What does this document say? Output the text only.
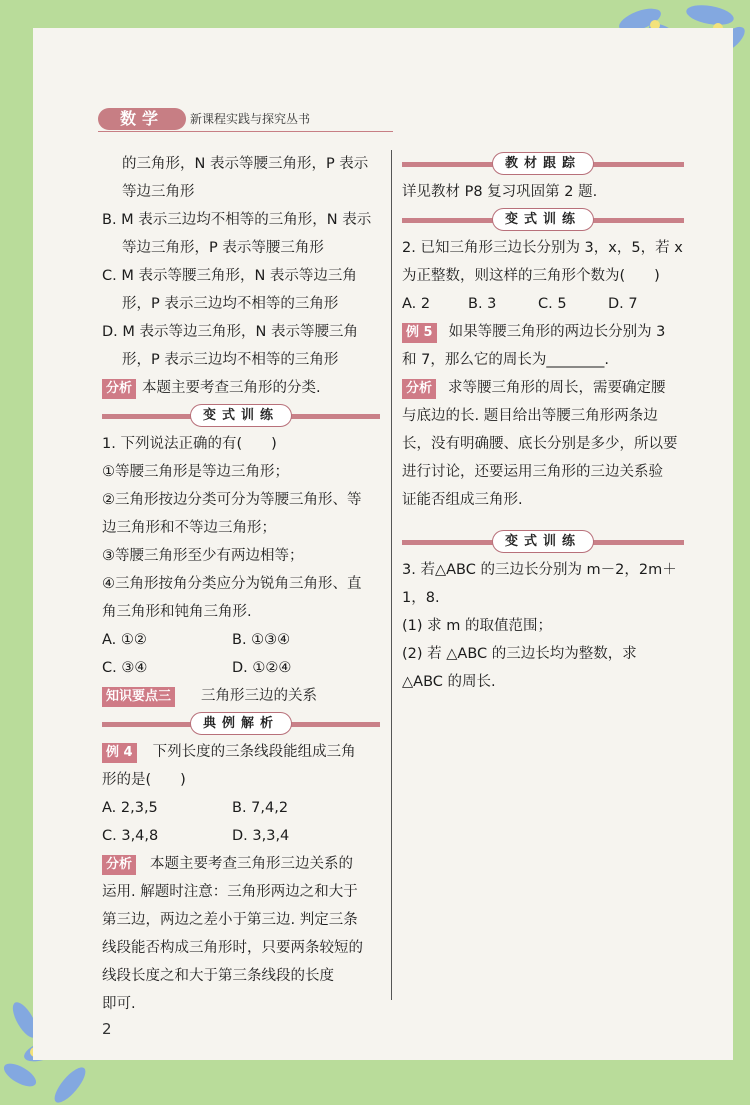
数学	新课程实践与探究丛书
的三角形，N 表示等腰三角形，P 表示
等边三角形
B. M 表示三边均不相等的三角形，N 表示
等边三角形，P 表示等腰三角形
C. M 表示等腰三角形，N 表示等边三角
形，P 表示三边均不相等的三角形
D. M 表示等边三角形，N 表示等腰三角
形，P 表示三边均不相等的三角形
分析 本题主要考查三角形的分类.
变式训练
1. 下列说法正确的有(　　)
①等腰三角形是等边三角形；
②三角形按边分类可分为等腰三角形、等
边三角形和不等边三角形；
③等腰三角形至少有两边相等；
④三角形按角分类应分为锐角三角形、直
角三角形和钝角三角形.
A. ①②	B. ①③④
C. ③④	D. ①②④
知识要点三 三角形三边的关系
典例解析
例 4 下列长度的三条线段能组成三角
形的是(　　)
A. 2,3,5	B. 7,4,2
C. 3,4,8	D. 3,3,4
分析 本题主要考查三角形三边关系的
运用. 解题时注意：三角形两边之和大于
第三边，两边之差小于第三边. 判定三条
线段能否构成三角形时，只要两条较短的
线段长度之和大于第三条线段的长度
即可.
教材跟踪
详见教材 P8 复习巩固第 2 题.
变式训练
2. 已知三角形三边长分别为 3，x，5，若 x
为正整数，则这样的三角形个数为(　　)
A. 2	B. 3	C. 5	D. 7
例 5 如果等腰三角形的两边长分别为 3
和 7，那么它的周长为________.
分析 求等腰三角形的周长，需要确定腰
与底边的长. 题目给出等腰三角形两条边
长，没有明确腰、底长分别是多少，所以要
进行讨论，还要运用三角形的三边关系验
证能否组成三角形.
变式训练
3. 若△ABC 的三边长分别为 m－2，2m＋
1，8.
(1) 求 m 的取值范围；
(2) 若 △ABC 的三边长均为整数，求
△ABC 的周长.
2
